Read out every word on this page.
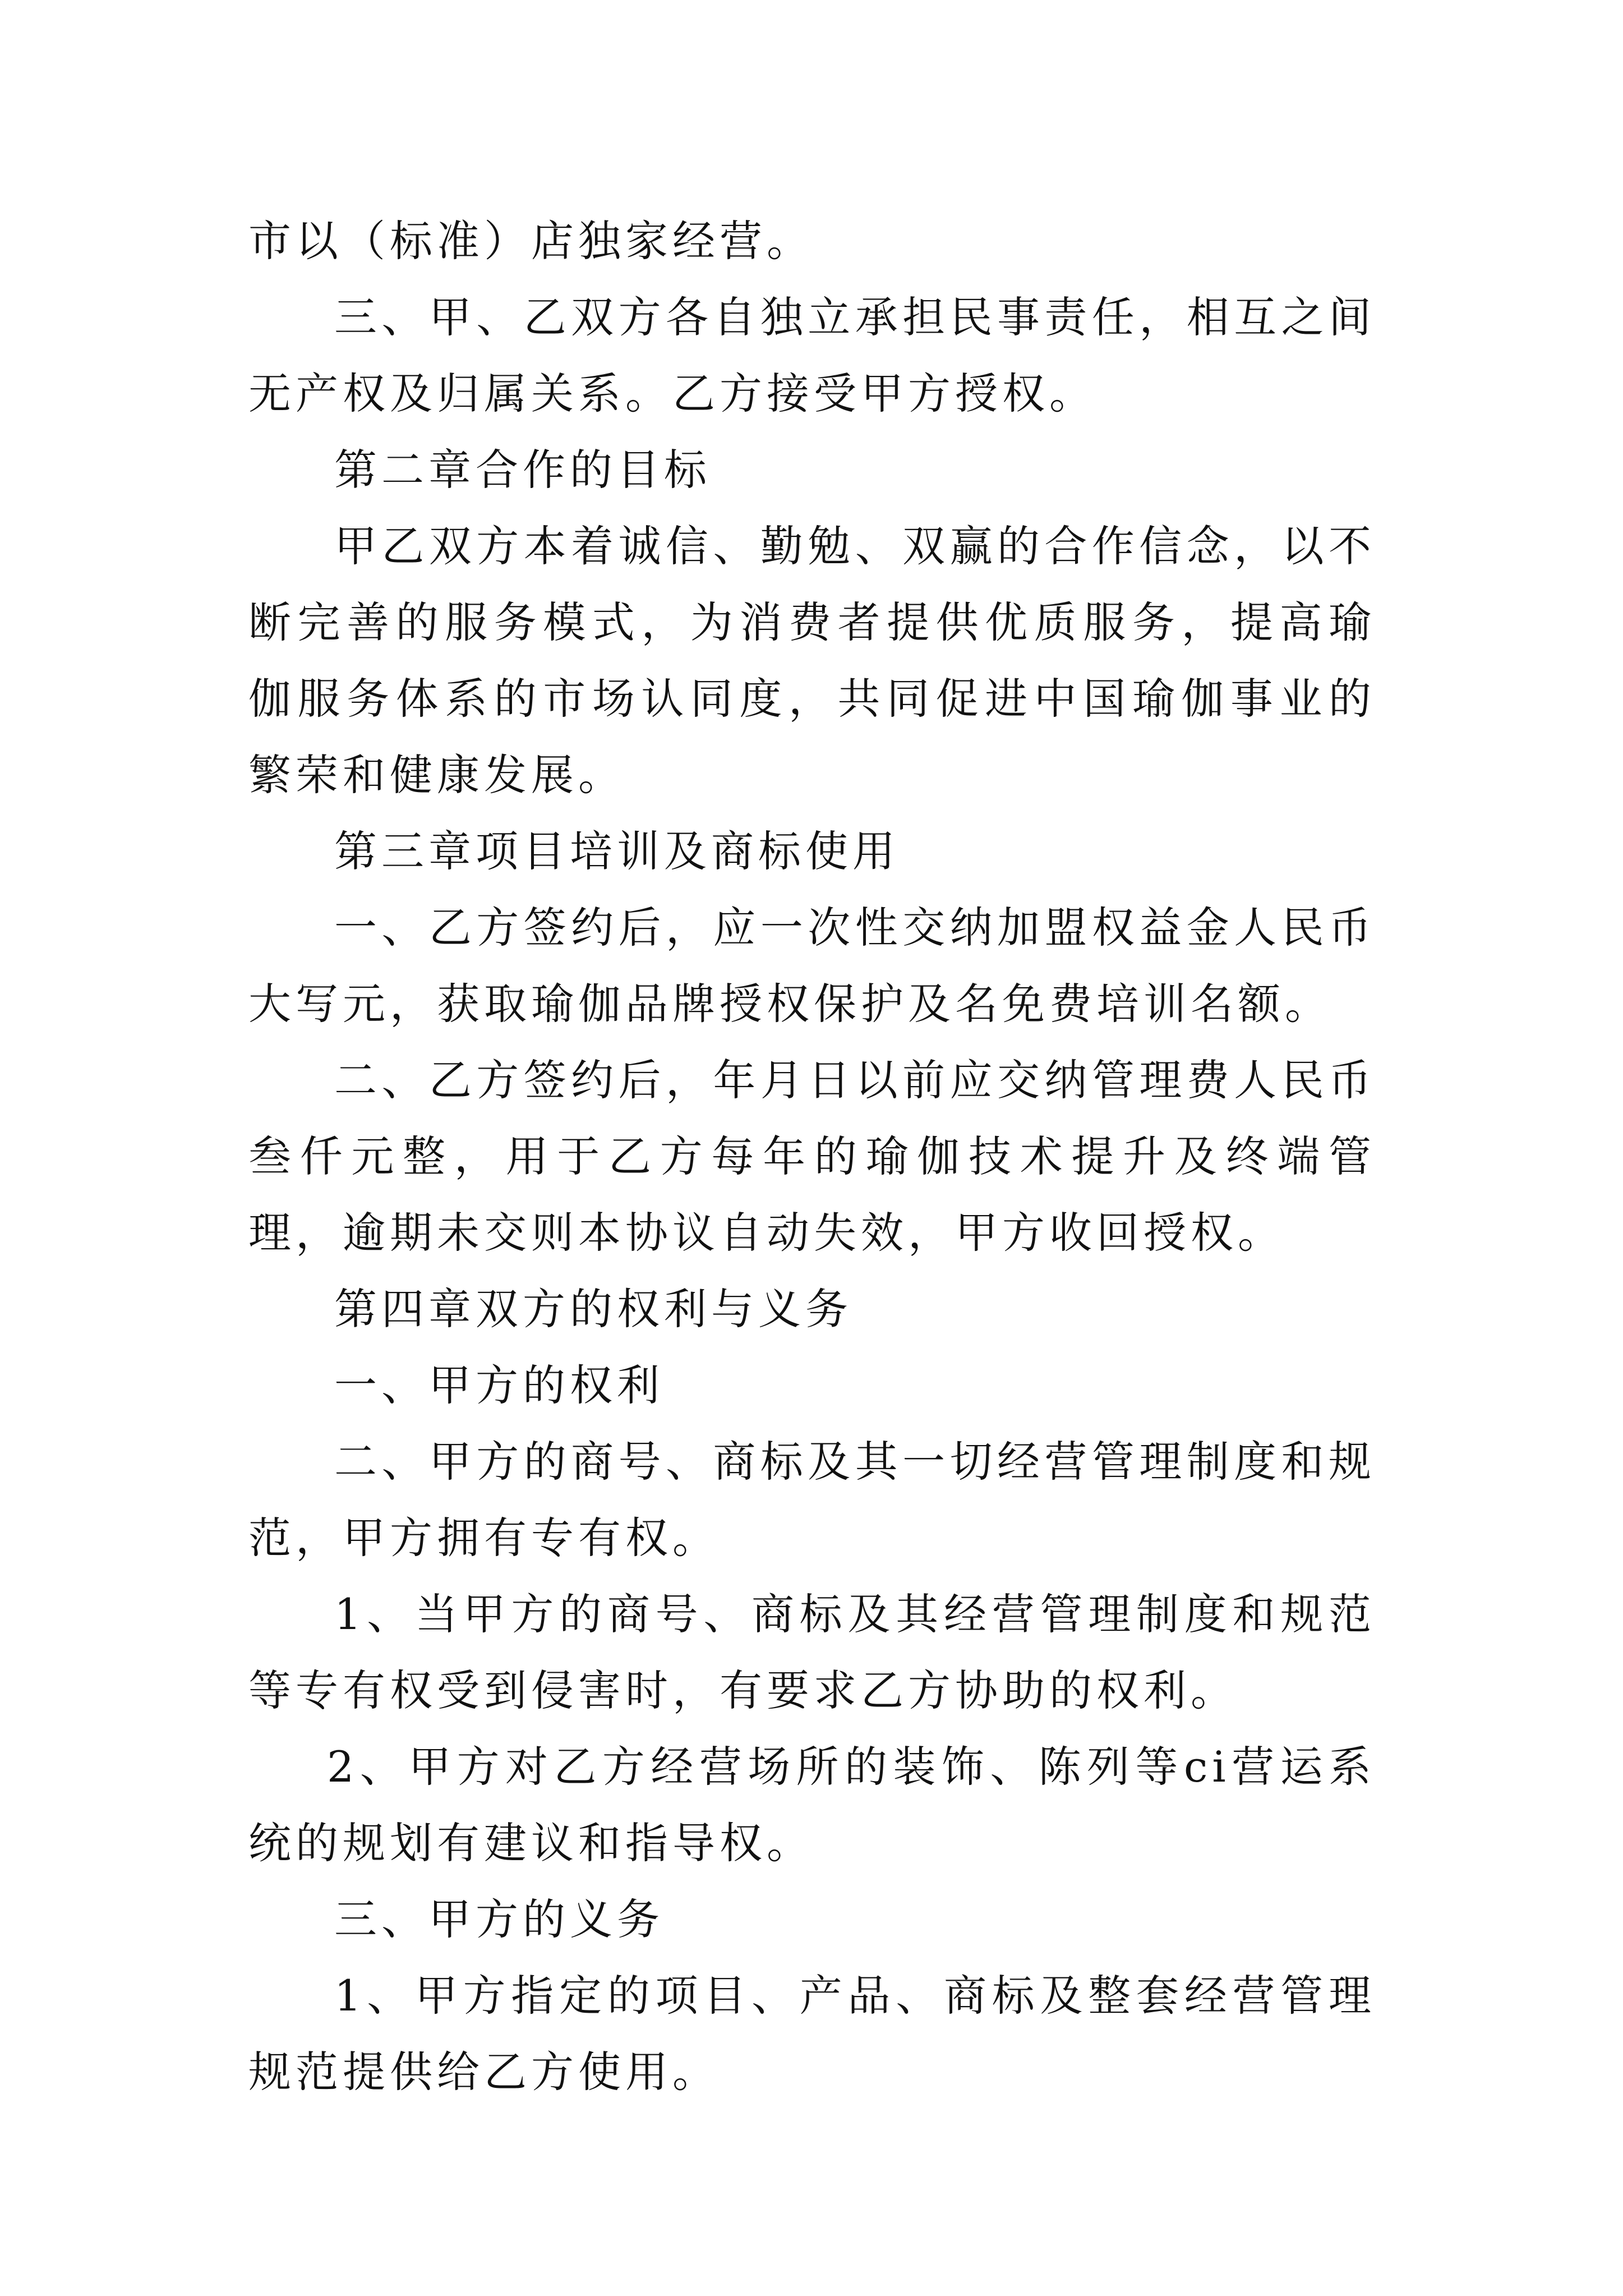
市以（标准）店独家经营。

三、甲、乙双方各自独立承担民事责任，相互之间无产权及归属关系。乙方接受甲方授权。

第二章合作的目标

甲乙双方本着诚信、勤勉、双赢的合作信念，以不断完善的服务模式，为消费者提供优质服务，提高瑜伽服务体系的市场认同度，共同促进中国瑜伽事业的繁荣和健康发展。

第三章项目培训及商标使用

一、乙方签约后，应一次性交纳加盟权益金人民币大写元，获取瑜伽品牌授权保护及名免费培训名额。

二、乙方签约后，年月日以前应交纳管理费人民币叁仟元整，用于乙方每年的瑜伽技术提升及终端管理，逾期未交则本协议自动失效，甲方收回授权。

第四章双方的权利与义务

一、甲方的权利

二、甲方的商号、商标及其一切经营管理制度和规范，甲方拥有专有权。

1、当甲方的商号、商标及其经营管理制度和规范等专有权受到侵害时，有要求乙方协助的权利。

2、甲方对乙方经营场所的装饰、陈列等ci营运系统的规划有建议和指导权。

三、甲方的义务

1、甲方指定的项目、产品、商标及整套经营管理规范提供给乙方使用。
